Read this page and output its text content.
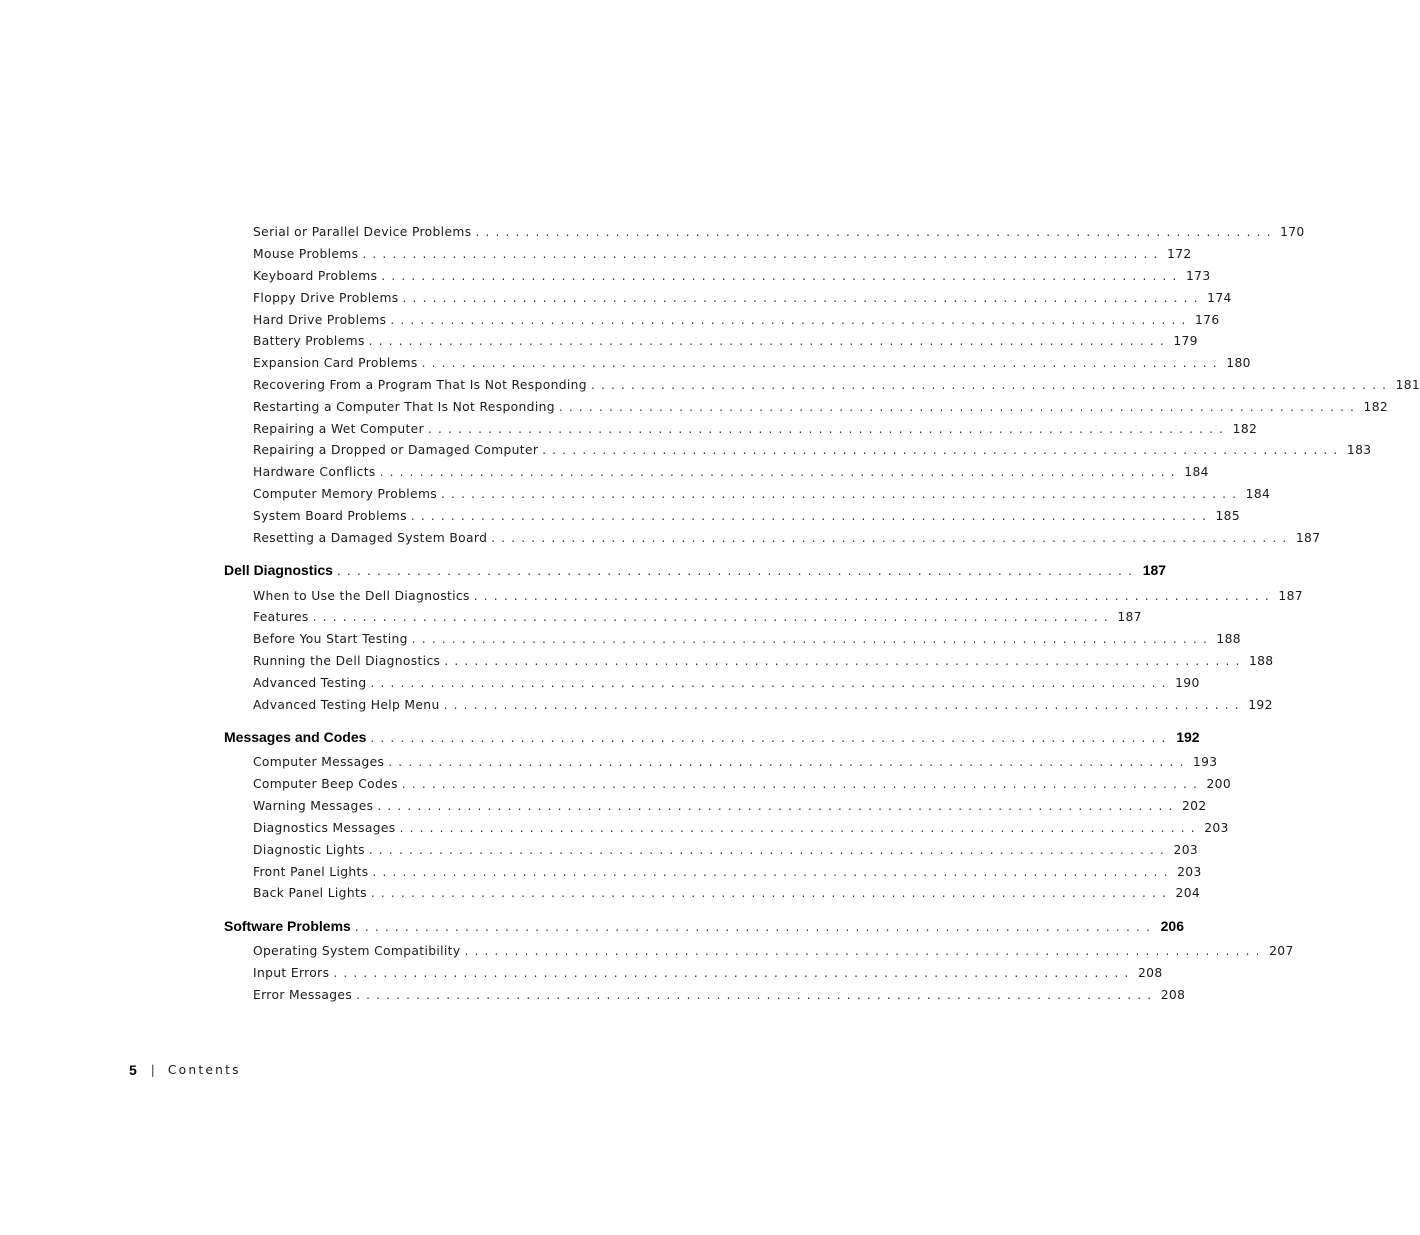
Serial or Parallel Device Problems ................................................................................ 170
Mouse Problems ................................................................................ 172
Keyboard Problems ................................................................................ 173
Floppy Drive Problems ................................................................................ 174
Hard Drive Problems ................................................................................ 176
Battery Problems ................................................................................ 179
Expansion Card Problems ................................................................................ 180
Recovering From a Program That Is Not Responding ................................................................................ 181
Restarting a Computer That Is Not Responding ................................................................................ 182
Repairing a Wet Computer ................................................................................ 182
Repairing a Dropped or Damaged Computer ................................................................................ 183
Hardware Conflicts ................................................................................ 184
Computer Memory Problems ................................................................................ 184
System Board Problems ................................................................................ 185
Resetting a Damaged System Board ................................................................................ 187
Dell Diagnostics ................................................................................ 187
When to Use the Dell Diagnostics ................................................................................ 187
Features ................................................................................ 187
Before You Start Testing ................................................................................ 188
Running the Dell Diagnostics ................................................................................ 188
Advanced Testing ................................................................................ 190
Advanced Testing Help Menu ................................................................................ 192
Messages and Codes ................................................................................ 192
Computer Messages ................................................................................ 193
Computer Beep Codes ................................................................................ 200
Warning Messages ................................................................................ 202
Diagnostics Messages ................................................................................ 203
Diagnostic Lights ................................................................................ 203
Front Panel Lights ................................................................................ 203
Back Panel Lights ................................................................................ 204
Software Problems ................................................................................ 206
Operating System Compatibility ................................................................................ 207
Input Errors ................................................................................ 208
Error Messages ................................................................................ 208
5 | Contents
